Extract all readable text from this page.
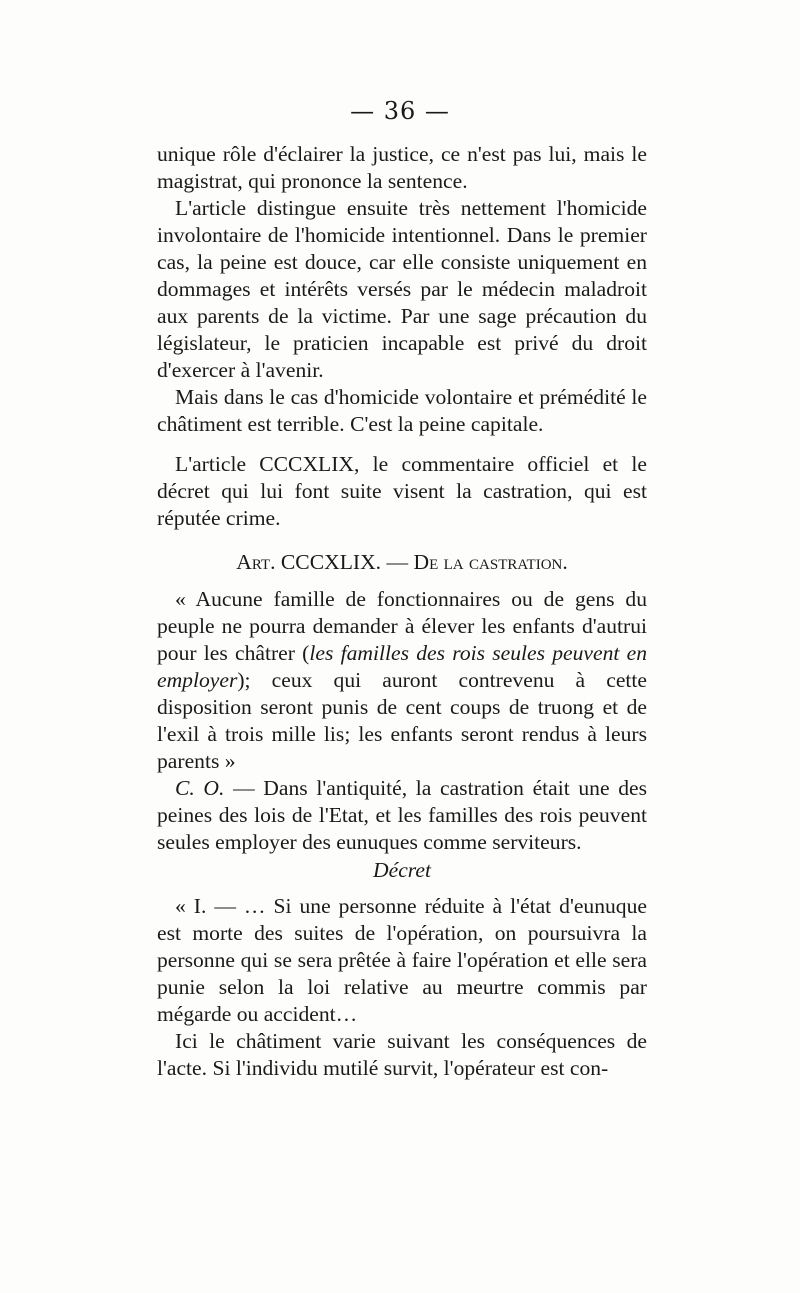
— 36 —

unique rôle d'éclairer la justice, ce n'est pas lui, mais le magistrat, qui prononce la sentence.

L'article distingue ensuite très nettement l'homicide involontaire de l'homicide intentionnel. Dans le premier cas, la peine est douce, car elle consiste uniquement en dommages et intérêts versés par le médecin maladroit aux parents de la victime. Par une sage précaution du législateur, le praticien incapable est privé du droit d'exercer à l'avenir.

Mais dans le cas d'homicide volontaire et prémédité le châtiment est terrible. C'est la peine capitale.

L'article CCCXLIX, le commentaire officiel et le décret qui lui font suite visent la castration, qui est réputée crime.

Art. CCCXLIX. — De la castration.

« Aucune famille de fonctionnaires ou de gens du peuple ne pourra demander à élever les enfants d'autrui pour les châtrer (les familles des rois seules peuvent en employer); ceux qui auront contrevenu à cette disposition seront punis de cent coups de truong et de l'exil à trois mille lis; les enfants seront rendus à leurs parents »

C. O. — Dans l'antiquité, la castration était une des peines des lois de l'Etat, et les familles des rois peuvent seules employer des eunuques comme serviteurs.

Décret

« I. — … Si une personne réduite à l'état d'eunuque est morte des suites de l'opération, on poursuivra la personne qui se sera prêtée à faire l'opération et elle sera punie selon la loi relative au meurtre commis par mégarde ou accident…

Ici le châtiment varie suivant les conséquences de l'acte. Si l'individu mutilé survit, l'opérateur est con-
